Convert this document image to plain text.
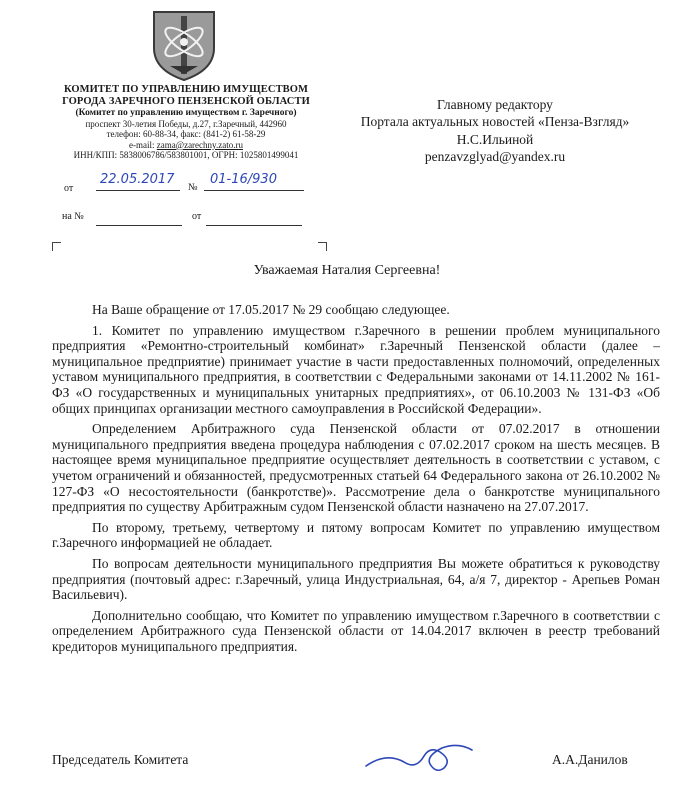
КОМИТЕТ ПО УПРАВЛЕНИЮ ИМУЩЕСТВОМ
ГОРОДА ЗАРЕЧНОГО ПЕНЗЕНСКОЙ ОБЛАСТИ
(Комитет по управлению имуществом г. Заречного)
проспект 30-летия Победы, д.27, г.Заречный, 442960
телефон: 60-88-34, факс: (841-2) 61-58-29
e-mail: zama@zarechny.zato.ru
ИНН/КПП: 5838006786/583801001, ОГРН: 1025801499041
от
22.05.2017
№
01-16/930
на №	от
Главному редактору
Портала актуальных новостей «Пенза-Взгляд»
Н.С.Ильиной
penzavzglyad@yandex.ru
Уважаемая Наталия Сергеевна!

На Ваше обращение от 17.05.2017 № 29 сообщаю следующее.

1. Комитет по управлению имуществом г.Заречного в решении проблем муниципального предприятия «Ремонтно-строительный комбинат» г.Заречный Пензенской области (далее – муниципальное предприятие) принимает участие в части предоставленных полномочий, определенных уставом муниципального предприятия, в соответствии с Федеральными законами от 14.11.2002 № 161-ФЗ «О государственных и муниципальных унитарных предприятиях», от 06.10.2003 № 131-ФЗ «Об общих принципах организации местного самоуправления в Российской Федерации».

Определением Арбитражного суда Пензенской области от 07.02.2017 в отношении муниципального предприятия введена процедура наблюдения с 07.02.2017 сроком на шесть месяцев. В настоящее время муниципальное предприятие осуществляет деятельность в соответствии с уставом, с учетом ограничений и обязанностей, предусмотренных статьей 64 Федерального закона от 26.10.2002 № 127-ФЗ «О несостоятельности (банкротстве)». Рассмотрение дела о банкротстве муниципального предприятия по существу Арбитражным судом Пензенской области назначено на 27.07.2017.

По второму, третьему, четвертому и пятому вопросам Комитет по управлению имуществом г.Заречного информацией не обладает.

По вопросам деятельности муниципального предприятия Вы можете обратиться к руководству предприятия (почтовый адрес: г.Заречный, улица Индустриальная, 64, а/я 7, директор - Арепьев Роман Васильевич).

Дополнительно сообщаю, что Комитет по управлению имуществом г.Заречного в соответствии с определением Арбитражного суда Пензенской области от 14.04.2017 включен в реестр требований кредиторов муниципального предприятия.

Председатель Комитета	А.А.Данилов
